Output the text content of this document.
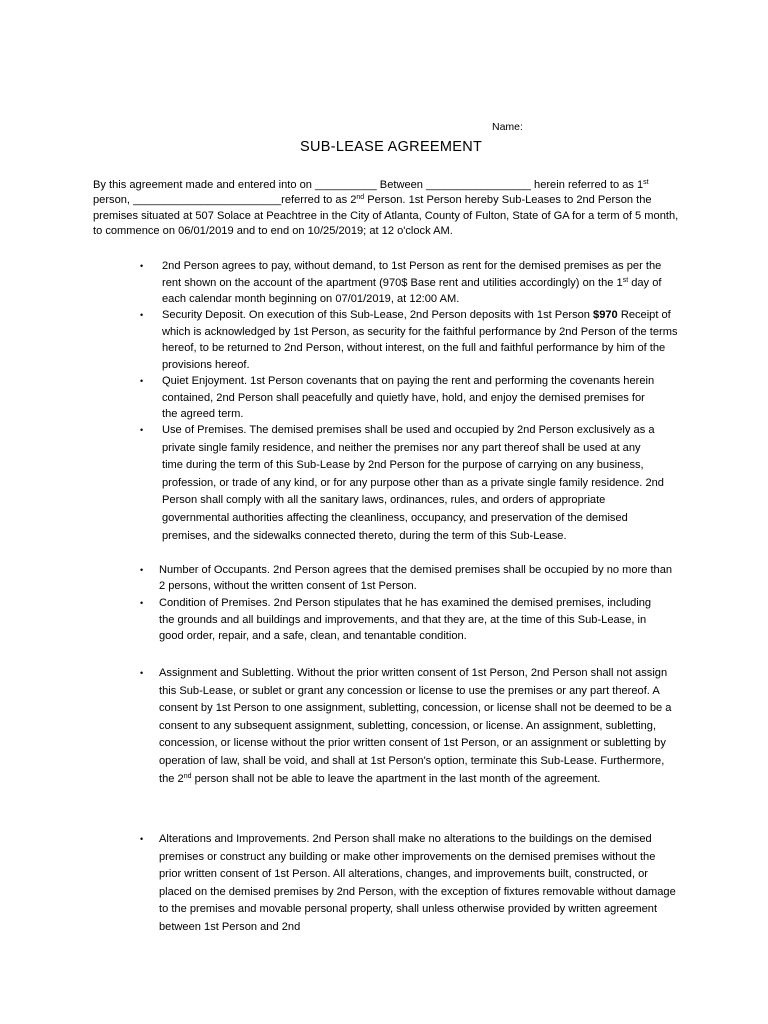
Name:
SUB-LEASE AGREEMENT

By this agreement made and entered into on __________ Between _________________ herein referred to as 1st person, ________________________referred to as 2nd Person. 1st Person hereby Sub-Leases to 2nd Person the premises situated at 507 Solace at Peachtree in the City of Atlanta, County of Fulton, State of GA for a term of 5 month, to commence on 06/01/2019 and to end on 10/25/2019; at 12 o'clock AM.

• 2nd Person agrees to pay, without demand, to 1st Person as rent for the demised premises as per the rent shown on the account of the apartment (970$ Base rent and utilities accordingly) on the 1st day of each calendar month beginning on 07/01/2019, at 12:00 AM.
• Security Deposit. On execution of this Sub-Lease, 2nd Person deposits with 1st Person $970 Receipt of which is acknowledged by 1st Person, as security for the faithful performance by 2nd Person of the terms hereof, to be returned to 2nd Person, without interest, on the full and faithful performance by him of the provisions hereof.
• Quiet Enjoyment. 1st Person covenants that on paying the rent and performing the covenants herein contained, 2nd Person shall peacefully and quietly have, hold, and enjoy the demised premises for the agreed term.
• Use of Premises. The demised premises shall be used and occupied by 2nd Person exclusively as a private single family residence, and neither the premises nor any part thereof shall be used at any time during the term of this Sub-Lease by 2nd Person for the purpose of carrying on any business, profession, or trade of any kind, or for any purpose other than as a private single family residence. 2nd Person shall comply with all the sanitary laws, ordinances, rules, and orders of appropriate governmental authorities affecting the cleanliness, occupancy, and preservation of the demised premises, and the sidewalks connected thereto, during the term of this Sub-Lease.
• Number of Occupants. 2nd Person agrees that the demised premises shall be occupied by no more than 2 persons, without the written consent of 1st Person.
• Condition of Premises. 2nd Person stipulates that he has examined the demised premises, including the grounds and all buildings and improvements, and that they are, at the time of this Sub-Lease, in good order, repair, and a safe, clean, and tenantable condition.
• Assignment and Subletting. Without the prior written consent of 1st Person, 2nd Person shall not assign this Sub-Lease, or sublet or grant any concession or license to use the premises or any part thereof. A consent by 1st Person to one assignment, subletting, concession, or license shall not be deemed to be a consent to any subsequent assignment, subletting, concession, or license. An assignment, subletting, concession, or license without the prior written consent of 1st Person, or an assignment or subletting by operation of law, shall be void, and shall at 1st Person's option, terminate this Sub-Lease. Furthermore, the 2nd person shall not be able to leave the apartment in the last month of the agreement.
• Alterations and Improvements. 2nd Person shall make no alterations to the buildings on the demised premises or construct any building or make other improvements on the demised premises without the prior written consent of 1st Person. All alterations, changes, and improvements built, constructed, or placed on the demised premises by 2nd Person, with the exception of fixtures removable without damage to the premises and movable personal property, shall unless otherwise provided by written agreement between 1st Person and 2nd
